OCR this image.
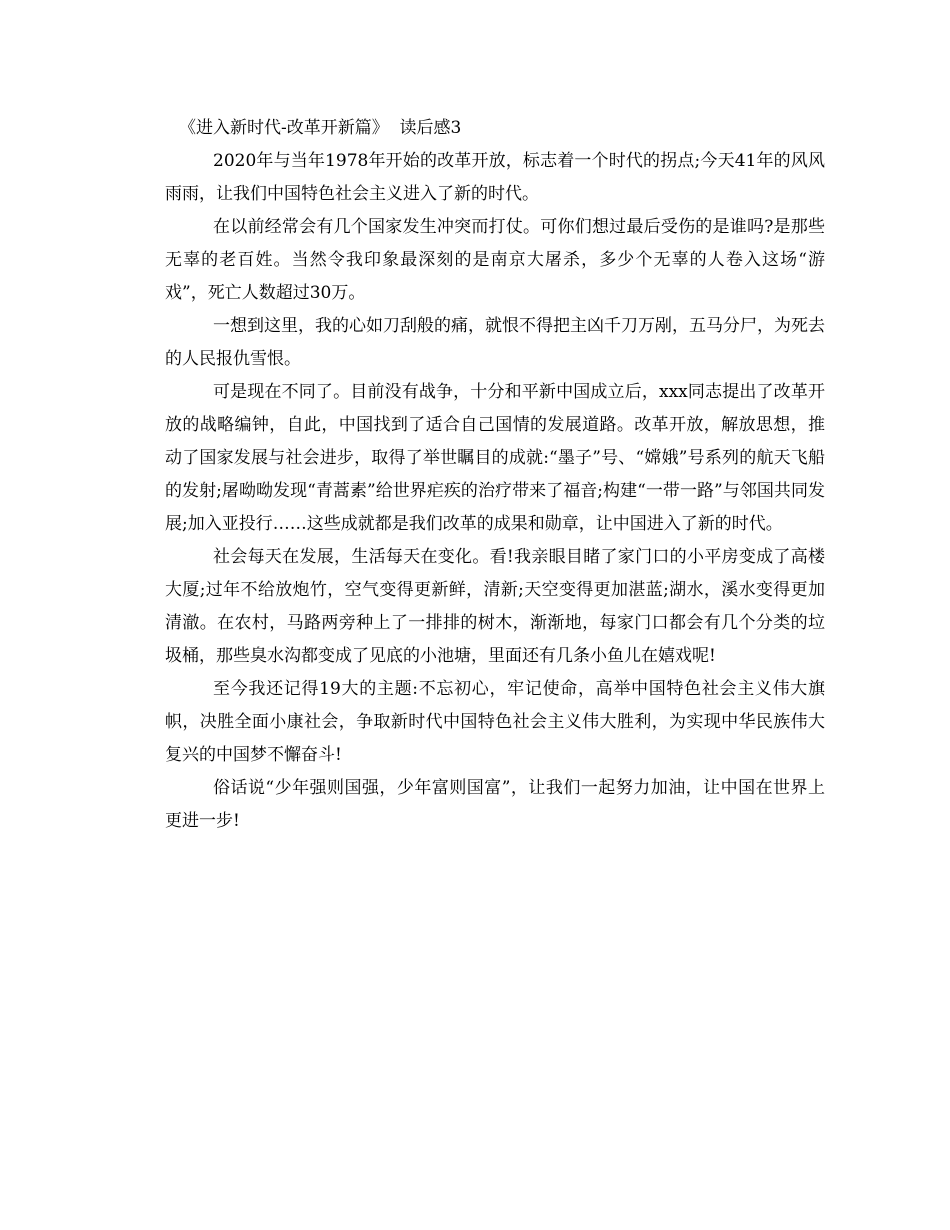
《进入新时代-改革开新篇》  读后感3

2020年与当年1978年开始的改革开放，标志着一个时代的拐点;今天41年的风风雨雨，让我们中国特色社会主义进入了新的时代。

在以前经常会有几个国家发生冲突而打仗。可你们想过最后受伤的是谁吗?是那些无辜的老百姓。当然令我印象最深刻的是南京大屠杀，多少个无辜的人卷入这场“游戏”，死亡人数超过30万。

一想到这里，我的心如刀刮般的痛，就恨不得把主凶千刀万剐，五马分尸，为死去的人民报仇雪恨。

可是现在不同了。目前没有战争，十分和平新中国成立后，xxx同志提出了改革开放的战略编钟，自此，中国找到了适合自己国情的发展道路。改革开放，解放思想，推动了国家发展与社会进步，取得了举世瞩目的成就:“墨子”号、“嫦娥”号系列的航天飞船的发射;屠呦呦发现“青蒿素”给世界疟疾的治疗带来了福音;构建“一带一路”与邻国共同发展;加入亚投行……这些成就都是我们改革的成果和勋章，让中国进入了新的时代。

社会每天在发展，生活每天在变化。看!我亲眼目睹了家门口的小平房变成了高楼大厦;过年不给放炮竹，空气变得更新鲜，清新;天空变得更加湛蓝;湖水，溪水变得更加清澈。在农村，马路两旁种上了一排排的树木，渐渐地，每家门口都会有几个分类的垃圾桶，那些臭水沟都变成了见底的小池塘，里面还有几条小鱼儿在嬉戏呢!

至今我还记得19大的主题:不忘初心，牢记使命，高举中国特色社会主义伟大旗帜，决胜全面小康社会，争取新时代中国特色社会主义伟大胜利，为实现中华民族伟大复兴的中国梦不懈奋斗!

俗话说“少年强则国强，少年富则国富”，让我们一起努力加油，让中国在世界上更进一步!
